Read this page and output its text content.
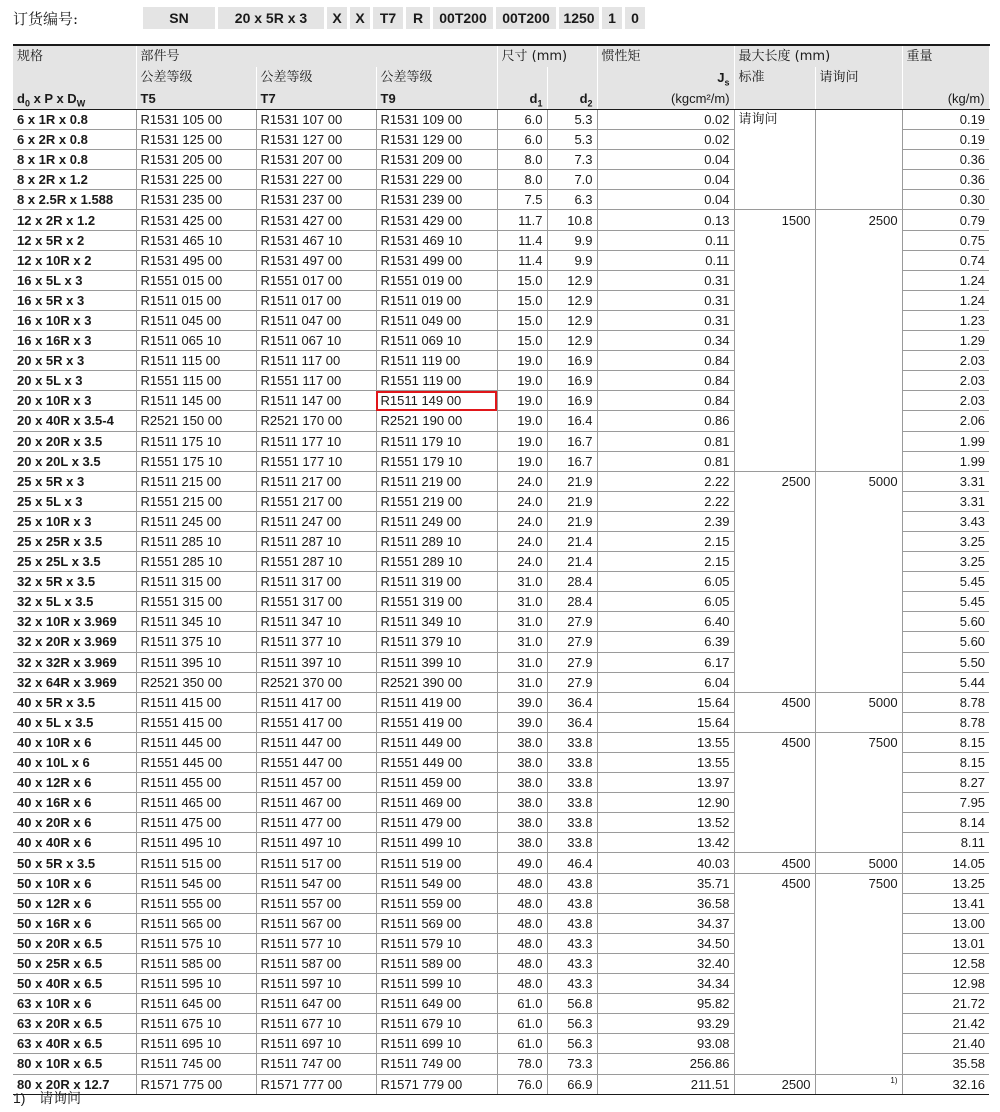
订货编号:	SN	20 x 5R x 3	X X	T7	R	00T200	00T200 1250 1	0
规格	部件号			尺寸 (mm)		惯性矩	最大长度 (mm)		重量
	公差等级	公差等级	公差等级			$J_s$	标准	请询问	
$d_0$ x P x $D_W$	T5	T7	T9	$d_1$	$d_2$	(kgcm²/m)			(kg/m)
6 x 1R x 0.8	R1531 105 00	R1531 107 00	R1531 109 00	6.0	5.3	0.02	请询问		0.19
6 x 2R x 0.8	R1531 125 00	R1531 127 00	R1531 129 00	6.0	5.3	0.02			0.19
8 x 1R x 0.8	R1531 205 00	R1531 207 00	R1531 209 00	8.0	7.3	0.04			0.36
8 x 2R x 1.2	R1531 225 00	R1531 227 00	R1531 229 00	8.0	7.0	0.04			0.36
8 x 2.5R x 1.588	R1531 235 00	R1531 237 00	R1531 239 00	7.5	6.3	0.04			0.30
12 x 2R x 1.2	R1531 425 00	R1531 427 00	R1531 429 00	11.7	10.8	0.13	1500	2500	0.79
12 x 5R x 2	R1531 465 10	R1531 467 10	R1531 469 10	11.4	9.9	0.11			0.75
12 x 10R x 2	R1531 495 00	R1531 497 00	R1531 499 00	11.4	9.9	0.11			0.74
16 x 5L x 3	R1551 015 00	R1551 017 00	R1551 019 00	15.0	12.9	0.31			1.24
16 x 5R x 3	R1511 015 00	R1511 017 00	R1511 019 00	15.0	12.9	0.31			1.24
16 x 10R x 3	R1511 045 00	R1511 047 00	R1511 049 00	15.0	12.9	0.31			1.23
16 x 16R x 3	R1511 065 10	R1511 067 10	R1511 069 10	15.0	12.9	0.34			1.29
20 x 5R x 3	R1511 115 00	R1511 117 00	R1511 119 00	19.0	16.9	0.84			2.03
20 x 5L x 3	R1551 115 00	R1551 117 00	R1551 119 00	19.0	16.9	0.84			2.03
20 x 10R x 3	R1511 145 00	R1511 147 00	R1511 149 00	19.0	16.9	0.84			2.03
20 x 40R x 3.5-4	R2521 150 00	R2521 170 00	R2521 190 00	19.0	16.4	0.86			2.06
20 x 20R x 3.5	R1511 175 10	R1511 177 10	R1511 179 10	19.0	16.7	0.81			1.99
20 x 20L x 3.5	R1551 175 10	R1551 177 10	R1551 179 10	19.0	16.7	0.81			1.99
25 x 5R x 3	R1511 215 00	R1511 217 00	R1511 219 00	24.0	21.9	2.22	2500	5000	3.31
25 x 5L x 3	R1551 215 00	R1551 217 00	R1551 219 00	24.0	21.9	2.22			3.31
25 x 10R x 3	R1511 245 00	R1511 247 00	R1511 249 00	24.0	21.9	2.39			3.43
25 x 25R x 3.5	R1511 285 10	R1511 287 10	R1511 289 10	24.0	21.4	2.15			3.25
25 x 25L x 3.5	R1551 285 10	R1551 287 10	R1551 289 10	24.0	21.4	2.15			3.25
32 x 5R x 3.5	R1511 315 00	R1511 317 00	R1511 319 00	31.0	28.4	6.05			5.45
32 x 5L x 3.5	R1551 315 00	R1551 317 00	R1551 319 00	31.0	28.4	6.05			5.45
32 x 10R x 3.969	R1511 345 10	R1511 347 10	R1511 349 10	31.0	27.9	6.40			5.60
32 x 20R x 3.969	R1511 375 10	R1511 377 10	R1511 379 10	31.0	27.9	6.39			5.60
32 x 32R x 3.969	R1511 395 10	R1511 397 10	R1511 399 10	31.0	27.9	6.17			5.50
32 x 64R x 3.969	R2521 350 00	R2521 370 00	R2521 390 00	31.0	27.9	6.04			5.44
40 x 5R x 3.5	R1511 415 00	R1511 417 00	R1511 419 00	39.0	36.4	15.64	4500	5000	8.78
40 x 5L x 3.5	R1551 415 00	R1551 417 00	R1551 419 00	39.0	36.4	15.64			8.78
40 x 10R x 6	R1511 445 00	R1511 447 00	R1511 449 00	38.0	33.8	13.55	4500	7500	8.15
40 x 10L x 6	R1551 445 00	R1551 447 00	R1551 449 00	38.0	33.8	13.55			8.15
40 x 12R x 6	R1511 455 00	R1511 457 00	R1511 459 00	38.0	33.8	13.97			8.27
40 x 16R x 6	R1511 465 00	R1511 467 00	R1511 469 00	38.0	33.8	12.90			7.95
40 x 20R x 6	R1511 475 00	R1511 477 00	R1511 479 00	38.0	33.8	13.52			8.14
40 x 40R x 6	R1511 495 10	R1511 497 10	R1511 499 10	38.0	33.8	13.42			8.11
50 x 5R x 3.5	R1511 515 00	R1511 517 00	R1511 519 00	49.0	46.4	40.03	4500	5000	14.05
50 x 10R x 6	R1511 545 00	R1511 547 00	R1511 549 00	48.0	43.8	35.71	4500	7500	13.25
50 x 12R x 6	R1511 555 00	R1511 557 00	R1511 559 00	48.0	43.8	36.58			13.41
50 x 16R x 6	R1511 565 00	R1511 567 00	R1511 569 00	48.0	43.8	34.37			13.00
50 x 20R x 6.5	R1511 575 10	R1511 577 10	R1511 579 10	48.0	43.3	34.50			13.01
50 x 25R x 6.5	R1511 585 00	R1511 587 00	R1511 589 00	48.0	43.3	32.40			12.58
50 x 40R x 6.5	R1511 595 10	R1511 597 10	R1511 599 10	48.0	43.3	34.34			12.98
63 x 10R x 6	R1511 645 00	R1511 647 00	R1511 649 00	61.0	56.8	95.82			21.72
63 x 20R x 6.5	R1511 675 10	R1511 677 10	R1511 679 10	61.0	56.3	93.29			21.42
63 x 40R x 6.5	R1511 695 10	R1511 697 10	R1511 699 10	61.0	56.3	93.08			21.40
80 x 10R x 6.5	R1511 745 00	R1511 747 00	R1511 749 00	78.0	73.3	256.86			35.58
80 x 20R x 12.7	R1571 775 00	R1571 777 00	R1571 779 00	76.0	66.9	211.51	2500	$^{1)}$	32.16
1) 请询问
